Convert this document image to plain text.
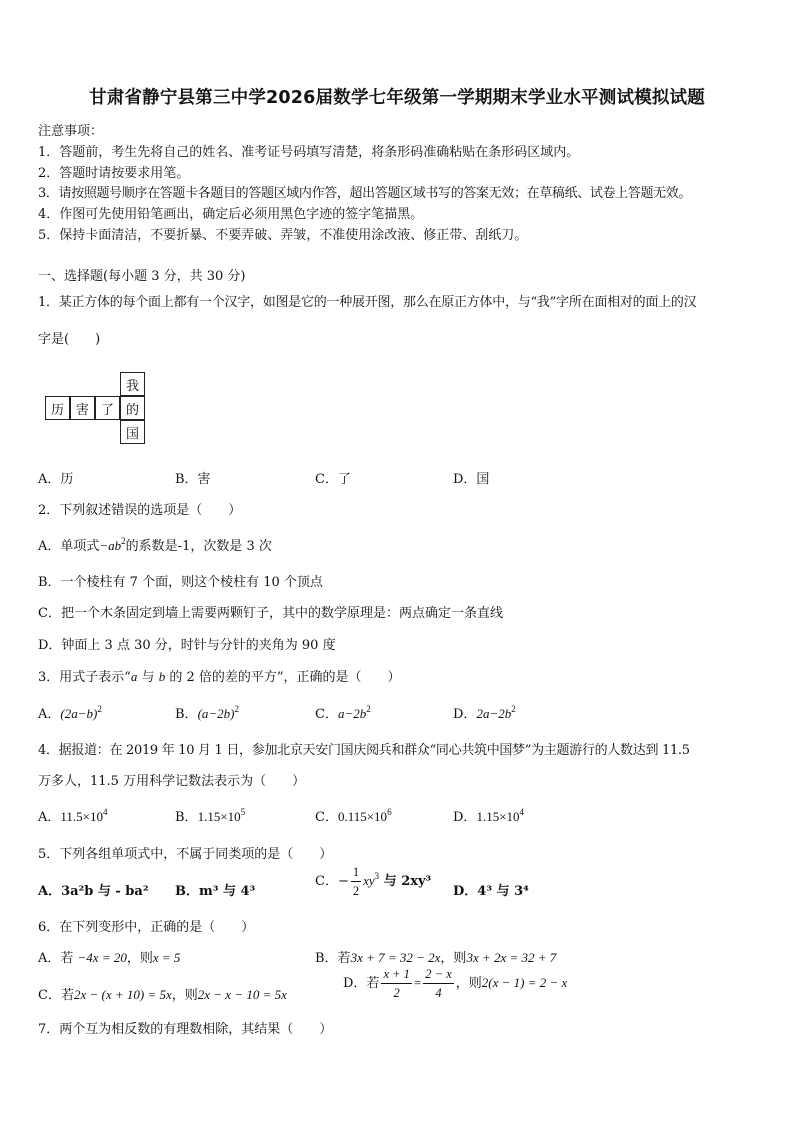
甘肃省静宁县第三中学2026届数学七年级第一学期期末学业水平测试模拟试题
注意事项：
1．答题前，考生先将自己的姓名、准考证号码填写清楚，将条形码准确粘贴在条形码区域内。
2．答题时请按要求用笔。
3．请按照题号顺序在答题卡各题目的答题区域内作答，超出答题区域书写的答案无效；在草稿纸、试卷上答题无效。
4．作图可先使用铅笔画出，确定后必须用黑色字迹的签字笔描黑。
5．保持卡面清洁，不要折暴、不要弄破、弄皱，不准使用涂改液、修正带、刮纸刀。
一、选择题(每小题 3 分，共 30 分)
1．某正方体的每个面上都有一个汉字，如图是它的一种展开图，那么在原正方体中，与“我”字所在面相对的面上的汉
字是(　　)
我
历 害 了 的
国
A．历	B．害	C．了	D．国
2．下列叙述错误的选项是（　　）
A．单项式$-ab^2$的系数是-1，次数是 3 次
B．一个棱柱有 7 个面，则这个棱柱有 10 个顶点
C．把一个木条固定到墙上需要两颗钉子，其中的数学原理是：两点确定一条直线
D．钟面上 3 点 30 分，时针与分针的夹角为 90 度
3．用式子表示“a 与 b 的 2 倍的差的平方”，正确的是（　　）
A．$(2a-b)^2$	B．$(a-2b)^2$	C．$a-2b^2$	D．$2a-2b^2$
4．据报道：在 2019 年 10 月 1 日，参加北京天安门国庆阅兵和群众“同心共筑中国梦”为主题游行的人数达到 11.5
万多人，11.5 万用科学记数法表示为（　　）
A．$11.5\times 10^4$	B．$1.15\times 10^5$	C．$0.115\times 10^6$	D．$1.15\times 10^4$
5．下列各组单项式中，不属于同类项的是（　　）
A．3a²b 与 - ba² B．m³ 与 4³
C．− $\frac{1}{2} xy^3$ 与 2xy³
D．4³ 与 3⁴
6．在下列变形中，正确的是（　　）
A．若 −4x = 20，则x = 5	B．若3x + 7 = 32 − 2x，则3x + 2x = 32 + 7
C．若2x − (x + 10) = 5x，则2x − x − 10 = 5x
D．若 $\frac{x + 1}{2} = \frac{2 - x}{4}$ ，则2(x − 1) = 2 − x
7．两个互为相反数的有理数相除，其结果（　　）
